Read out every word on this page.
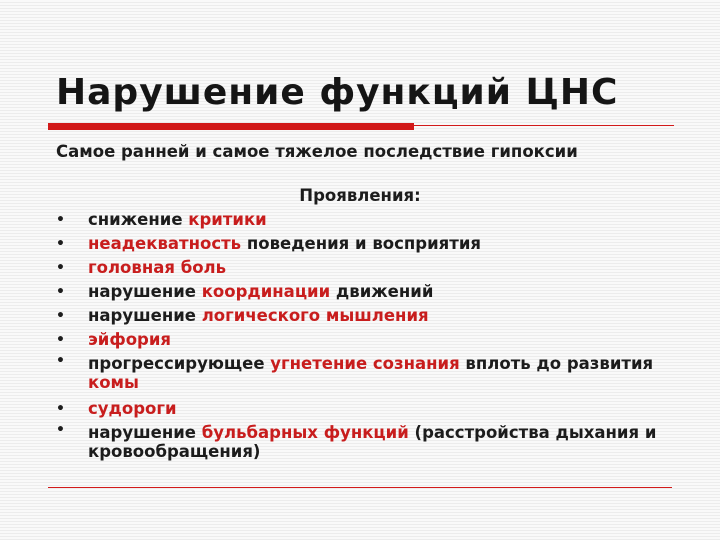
Нарушение функций ЦНС
Самое ранней и самое тяжелое последствие гипоксии
Проявления:
• снижение критики
• неадекватность поведения и восприятия
• головная боль
• нарушение координации движений
• нарушение логического мышления
• эйфория
• прогрессирующее угнетение сознания вплоть до развития комы
• судороги
• нарушение бульбарных функций (расстройства дыхания и кровообращения)
